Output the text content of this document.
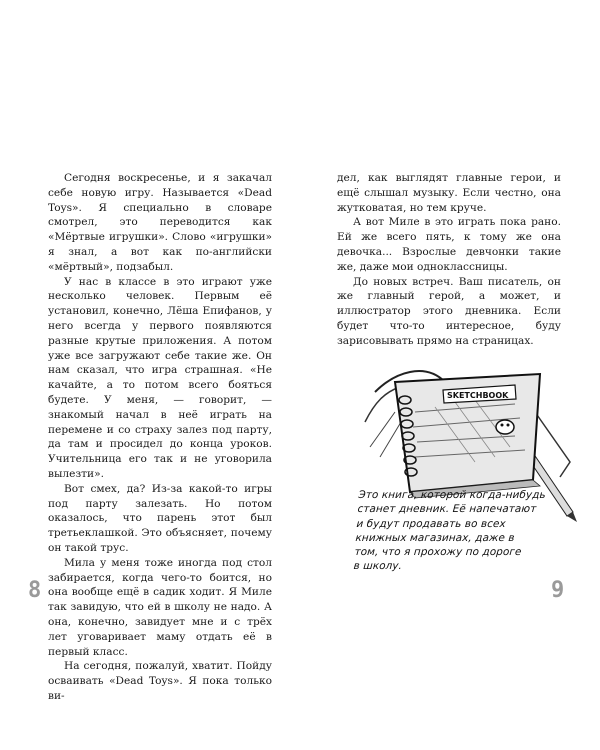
Сегодня воскресенье, и я закачал себе новую игру. Называется «Dead Toys». Я специально в словаре смотрел, это переводится как «Мёртвые игрушки». Слово «игрушки» я знал, а вот как по-английски «мёртвый», подзабыл.

У нас в классе в это играют уже несколько человек. Первым её установил, конечно, Лёша Епифанов, у него всегда у первого появляются разные крутые приложения. А потом уже все загружают себе такие же. Он нам сказал, что игра страшная. «Не качайте, а то потом всего бояться будете. У меня, — говорит, — знакомый начал в неё играть на перемене и со страху залез под парту, да там и просидел до конца уроков. Учительница его так и не уговорила вылезти».

Вот смех, да? Из-за какой-то игры под парту залезать. Но потом оказалось, что парень этот был третьеклашкой. Это объясняет, почему он такой трус.

Мила у меня тоже иногда под стол забирается, когда чего-то боится, но она вообще ещё в садик ходит. Я Миле так завидую, что ей в школу не надо. А она, конечно, завидует мне и с трёх лет уговаривает маму отдать её в первый класс.

На сегодня, пожалуй, хватит. Пойду осваивать «Dead Toys». Я пока только ви-

8

дел, как выглядят главные герои, и ещё слышал музыку. Если честно, она жутковатая, но тем круче.

А вот Миле в это играть пока рано. Ей же всего пять, к тому же она девочка... Взрослые девчонки такие же, даже мои одноклассницы.

До новых встреч. Ваш писатель, он же главный герой, а может, и иллюстратор этого дневника. Если будет что-то интересное, буду зарисовывать прямо на страницах.

SKETCHBOOK
Это книга, которой когда-нибудь
станет дневник. Её напечатают
и будут продавать во всех
книжных магазинах, даже в
том, что я прохожу по дороге
в школу.
9
